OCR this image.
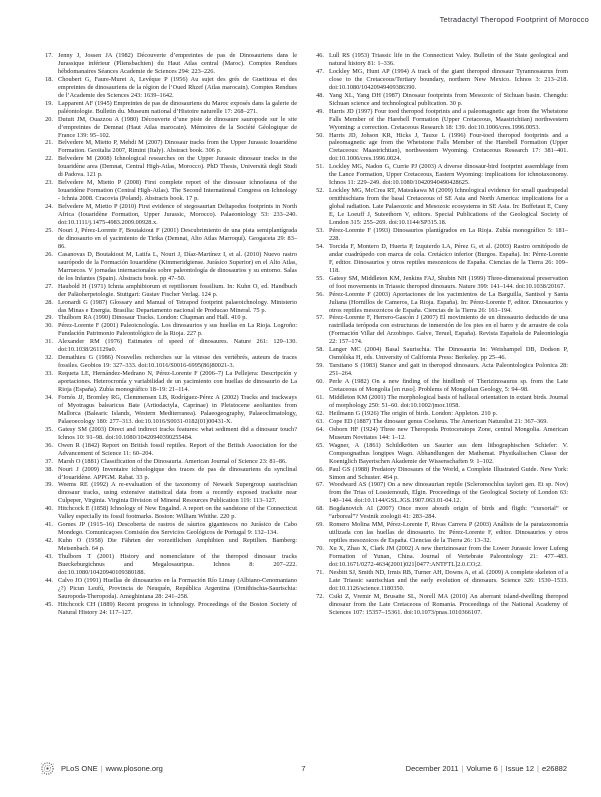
Tetradactyl Theropod Footprint of Morocco
17. Jenny J, Jossen JA (1982) Découverte d’empreintes de pas de Dinosauriens dans le Jurassique inférieur (Pliensbachien) du Haut Atlas central (Maroc). Comptes Rendues hébdomanaires Séances Academie de Sciences 294: 223–226.
18. Choubert G, Faure-Muret A, Levêque P (1956) Au sujet des grés de Guettioua et des empreintes de dinosauriens de la région de l’Oued Rhzef (Atlas marocain). Comptes Rendues de l’Academie des Sciences 243: 1639–1642.
19. Lapparent AF (1945) Empreintes de pas de dinosauriens du Maroc exposés dans la galerie de paléontologie. Bulletin du. Museum national d’Histoire naturelle 17: 268–271.
20. Dutuit JM, Ouazzou A (1980) Découverte d’une piste de dinosaure sauropode sur le site d’empreintes de Demnat (Haut Atlas marocain). Mémoires de la Société Géologique de France 139: 95–102.
21. Belvedere M, Mietto P, Mehdi M (2007) Dinosaur tracks from the Upper Jurassic Iouaridène Formation. Geoitalia 2007, Rimini (Italy). Abstract book. 306 p.
22. Belvedere M (2008) Ichnological researches on the Upper Jurassic dinosaur tracks in the Iouaridène area (Demnat, Central High-Atlas, Morocco). PhD Thesis, Università degli Studi di Padova. 121 p.
23. Belvedere M, Mietto P (2008) First complete report of the dinosaur ichnofauna of the Iouaridène Formation (Central High-Atlas). The Second International Congress on Ichnology - Ichnia 2008. Cracovia (Poland). Abstracts book. 17 p.
24. Belvedere M, Mietto P (2010) First evidence of stegosaurian Deltapodus footprints in North Africa (Iouaridène Formation, Upper Jurassic, Morocco). Palaeontology 53: 233–240. doi:10.1111/j.1475-4983.2009.00928.x.
25. Nouri J, Pérez-Lorente F, Boutakiout F (2001) Descubrimiento de una pista semiplantígrada de dinosaurio en el yacimiento de Tirika (Demnat, Alto Atlas Marroquí). Geogaceta 29: 83–86.
26. Casanovas D, Boutakiout M, Latifa L, Nouri J, Díaz-Martínez I, et al. (2010) Nuevo rastro saurópodo de la Formación Iouaridène (Kimmeridgiense. Jurásico Superior) en el Alto Atlas, Marruecos. V jornadas internacionales sobre paleontología de dinosaurios y su entorno. Salas de los Infantes (Spain). Abstracts book. pp 47–50.
27. Haubold H (1971) Ichnia amphibiorum et reptiliorum fossilium. In: Kuhn O, ed. Handbuch der Paläoherpetologie. Stuttgart: Gustav Fischer Verlag. 124 p.
28. Leonardi G (1987) Glossary and Manual of Tetrapod footprint palaeoichnology. Ministerio das Minas e Energia. Brasilia: Departamento nacional de Producao Mineral. 75 p.
29. Thulborn RA (1990) Dinosaur Tracks. London: Chapman and Hall. 410 p.
30. Pérez-Lorente F (2001) Paleoicnología. Los dinosaurios y sus huellas en La Rioja. Logroño: Fundación Patrimonio Paleontológico de la Rioja. 227 p.
31. Alexander RM (1976) Estimates of speed of dinosaures. Nature 261: 129–130. doi:10.1038/261129a0.
32. Demathieu G (1986) Nouvelles recherches sur la vitesse des vertébrés, auteurs de traces fossiles. Geobios 19: 327–333. doi:10.1016/S0016-6995(86)80021-3.
33. Requeta LE, Hernández-Medrano N, Pérez-Lorente F (2006–7) La Pellejera: Descripción y aportaciones. Heterocronía y variabilidad de un yacimiento con huellas de dinosaurio de La Rioja (España). Zubía monográfico 18–19: 21–114.
34. Fornós JJ, Bromley RG, Clemmensen LB, Rodríguez-Pérez A (2002) Tracks and trackways of Myotragus balearicus Bate (Artiodactyla, Caprinae) in Pleistocene aeolianites from Mallorca (Balearic Islands, Western Mediterranea). Palaeogeography, Palaeoclimatology, Palaeoecology 180: 277–313. doi:10.1016/S0031-0182(01)00431-X.
35. Gatesy SM (2003) Direct and indirect tracks features: what sediment did a dinosaur touch? Ichnos 10: 91–98. doi:10.1080/10420940390255484.
36. Owen R (1842) Report on British fossil reptiles. Report of the British Association for the Advancement of Science 11: 60–204.
37. Marsh O (1881) Classification of the Dinosauria. American Journal of Science 23: 81–86.
38. Nouri J (2009) Inventaire ichnologique des traces de pas de dinosauriens du synclinal d’Iouaridène. APPGM. Rabat. 33 p.
39. Weems RE (1992) A re-evaluation of the taxonomy of Newark Supergroup saurischian dinosaur tracks, using extensive statistical data from a recently exposed tracksite near Culpeper, Virginia. Virginia Division of Mineral Resources Publication 119: 113–127.
40. Hitchcock E (1858) Ichnology of New Engalnd. A report on the sandstone of the Connecticut Valley especially its fossil footmarks. Boston: William Whithe. 220 p.
41. Gomes JP (1915–16) Descoberta de rastros de sáurios gigantescos no Jurásico de Cabo Mondego. Comunicaçoes Comisión dos Servicios Geológicos de Portugal 9: 132–134.
42. Kuhn O (1958) Die Fährten der vorzeitlichen Amphibien und Reptilien. Bamberg: Meisenbach. 64 p.
43. Thulborn T (2001) History and nomenclature of the theropod dinosaur tracks Bueckeburgichnus and Megalosauripus. Ichnos 8: 207–222. doi:10.1080/10420940109380188.
44. Calvo JO (1991) Huellas de dinosaurios en la Formación Río Limay (Albiano-Cenomaniano ¿?) Picun Leufú, Provincia de Neuquén, República Argentina (Ornithischia-Saurischia: Sauropoda-Theropoda). Ameghiniana 28: 241–258.
45. Hitchcock CH (1889) Recent progress in ichnology. Proceedings of the Boston Society of Natural History 24: 117–127.
46. Lull RS (1953) Triassic life in the Connecticut Valey. Bulletin of the State geological and natural history 81: 1–336.
47. Lockley MG, Hunt AP (1994) A track of the giant theropod dinosaur Tyrannosaurus from close to the Cretaceous/Tertiary boundary, northern New Mexico. Ichnos 3: 213–218. doi:10.1080/10420949409386390.
48. Yang XL, Yang DH (1987) Dinosaur footprints from Mesozoic of Sichuan basin. Chengdu: Sichuan science and technological publication. 30 p.
49. Harris JD (1997) Four toed theropod footprints and a paleomagnetic age from the Whetstone Falls Member of the Harebell Formation (Upper Cretaceous, Maastrichtian) northwestern Wyoming: a correction. Cretaceous Research 18: 139. doi:10.1006/cres.1996.0053.
50. Harris JD, Johson KR, Hicks J, Tauxe L (1996) Four-toed theropod footprints and a paleomagnetic age from the Whetstone Falls Member of the Harebell Formation (Upper Cretaceous: Maastrichtian), northwestern Wyoming. Cretaceous Research 17: 381–401. doi:10.1006/cres.1996.0024.
51. Lockley MG, Nadon G, Currie PJ (2003) A diverse dinosaur-bird footprint assemblage from the Lance Formation, Upper Cretaceous, Eastern Wyoming: implications for ichnotaxonomy. Ichnos 11: 229–249. doi:10.1080/10420940490428625.
52. Lockley MG, McCrea RT, Matsukawa M (2009) Ichnological evidence for small quadrupedal ornithischians from the basal Cretaceous of SE Asia and North America: implications for a global radiation. Late Palaeozoic and Mesozoic ecosystems in SE Asia. In: Buffetaut E, Cuny E, Le Loeuff J, Suteethorn V, editors. Special Publications of the Geological Society of London 315: 255–269. doi:10.1144/SP315.18.
53. Pérez-Lorente F (1993) Dinosaurios plantígrados en La Rioja. Zubía monográfico 5: 181–228.
54. Torcida F, Montero D, Huerta P, Izquierdo LA, Pérez G, et al. (2003) Rastro ornitópodo de andar cuadrúpedo con marca de cola. Cretácico inferior (Burgos. España). In: Pérez-Lorente F, editor. Dinosaurios y otros reptiles mesozoicos de España. Ciencias de la Tierra 26: 109–118.
55. Gatesy SM, Middleton KM, Jenkins FAJ, Shubin NH (1999) Three-dimensional preservation of foot movements in Triassic theropod dinosaurs. Nature 399: 141–144. doi:10.1038/20167.
56. Pérez-Lorente F (2003) Aportaciones de los yacimientos de La Barguilla, Santisol y Santa Juliana (Hornillos de Cameros, La Rioja. España). In: Pérez-Lorente F, editor. Dinosaurios y otros reptiles mesozoicos de España. Ciencias de la Tierra 26: 161–194.
57. Pérez-Lorente F, Herrero-Gascón J (2007) El movimiento de un dinosaurio deducido de una rastrillada terópoda con estructuras de inmersión de los pies en el barro y de arrastre de cola (Formación Villar del Arzobispo. Galve, Teruel, España). Revista Española de Paleontología 22: 157–174.
58. Langer MC (2004) Basal Saurischia. The Dinosauria In: Weishampel DB, Dodson P, Osmólska H, eds. University of California Press: Berkeley. pp 25–46.
59. Tarsitano S (1983) Stance and gait in theropod dinosaurs. Acta Paleontologica Polonica 28: 251–264.
60. Perle A (1982) On a new finding of the hindlimb of Therizinosaurus sp. from the Late Cretaceous of Mongolia [en ruso]. Problems of Mongolian Geology, 5: 94–98.
61. Middleton KM (2001) The morphological basis of hallucal orientation in extant birds. Journal of morphology 250: 51–60. doi:10.1002/jmor.1058.
62. Heilmann G (1926) The origin of birds. London: Appleton. 210 p.
63. Cope ED (1887) The dinosaur genus Coelurus. The American Naturalist 21: 367–369.
64. Osborn HF (1924) Three new Theropoda Protoceratops Zone, central Mongolia. American Museum Novitates 144: 1–12.
65. Wagner, A (1861) Schildkröten un Saurier aus dem lithographischen Schiefer: V. Compsognathus longipes Wagn. Abhandlungen der Mathemat. Physikalischen Classe der Koeniglich Bayerischen Akademie der Wissenschaften 9: 1–102.
66. Paul GS (1988) Predatory Dinosaurs of the World, a Complete Illustrated Guide. New York: Simon and Schuster. 464 p.
67. Woodward AS (1907) On a new dinosaurian reptile (Scleromochlus taylori gen. Et sp. Nov) from the Trias of Lossiemouth, Elgin. Proceedings of the Geological Society of London 63: 140–144. doi:10.1144/GSL.JGS.1907.063.01-04.12.
68. Bogdanovich AI (2007) Once more abouth origin of birds and fligth: “cursorial” or “arboreal”? Vestnik zoologii 41: 283–284.
69. Romero Molina MM, Pérez-Lorente F, Rivas Carrera P (2003) Análisis de la parataxonomía utilizada con las huellas de dinosaurio. In: Pérez-Lorente F, editor. Dinosaurios y otros reptiles mesozoicos de España. Ciencias de la Tierra 26: 13–32.
70. Xu X, Zhao X, Clark JM (2002) A new therizinosaur from the Lower Jurassic lower Lufeng Formation of Yunan, China. Journal of Vertebrate Paleontology 21: 477–483. doi:10.1671/0272-4634(2001)021[0477:ANTFTL]2.0.CO;2.
71. Nesbitt SJ, Smith ND, Irmis RB, Turner AH, Downs A, et al. (2009) A complete skeleton of a Late Triassic saurischian and the early evolution of dinosaurs. Science 326: 1530–1533. doi:10.1126/science.1180350.
72. Csiki Z, Vremir M, Brusatte SL, Norell MA (2010) An aberrant island-dwelling theropod dinosaur from the Late Cretaceous of Romania. Proceedings of the National Academy of Sciences 107: 15357–15361. doi:10.1073/pnas.1010366107.
PLoS ONE | www.plosone.org	7	December 2011 | Volume 6 | Issue 12 | e26882
